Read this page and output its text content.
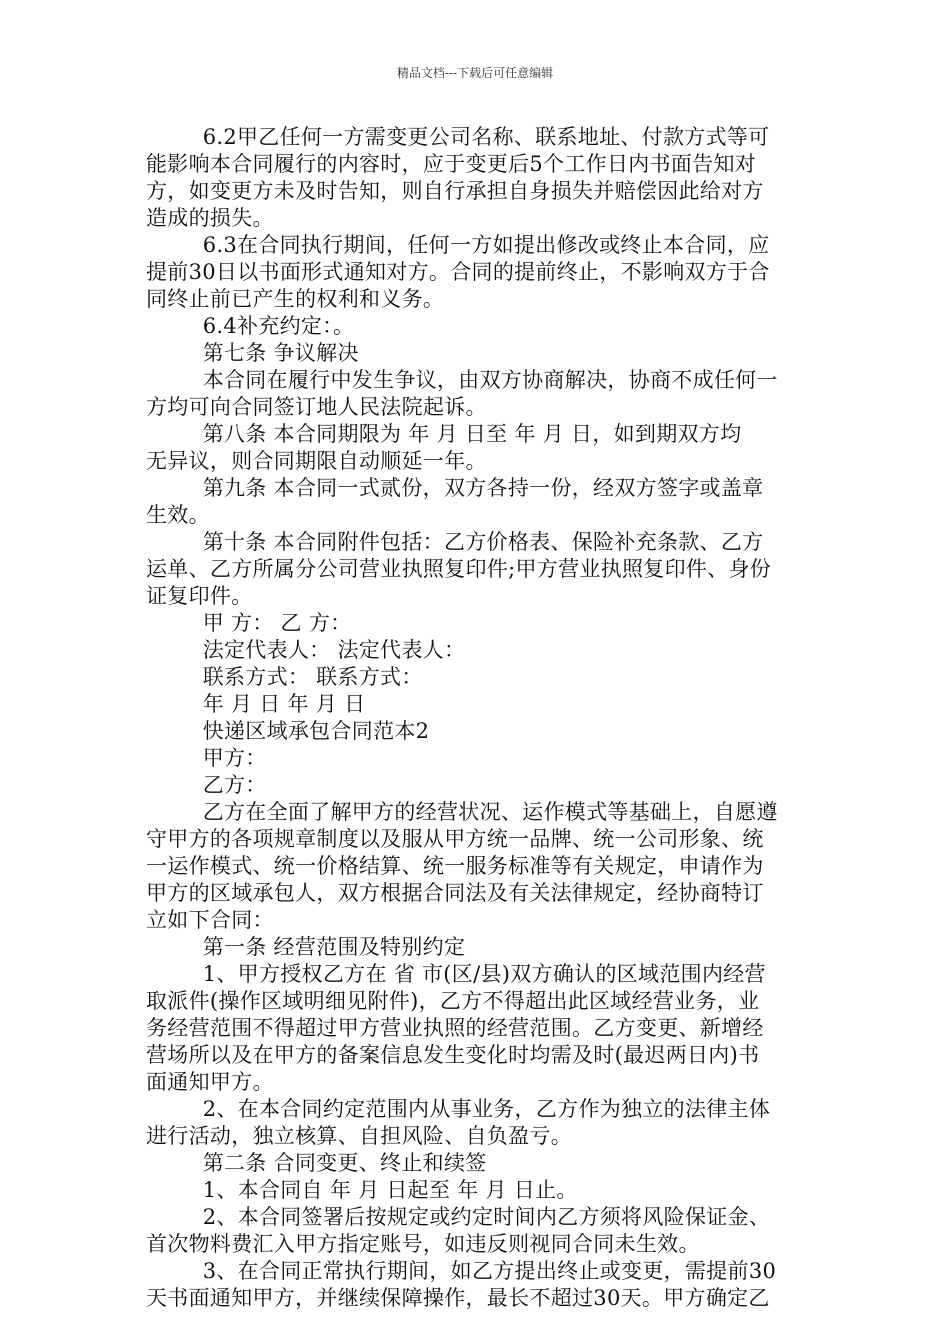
精品文档---下载后可任意编辑
6.2甲乙任何一方需变更公司名称、联系地址、付款方式等可
能影响本合同履行的内容时，应于变更后5个工作日内书面告知对
方，如变更方未及时告知，则自行承担自身损失并赔偿因此给对方
造成的损失。
6.3在合同执行期间，任何一方如提出修改或终止本合同，应
提前30日以书面形式通知对方。合同的提前终止，不影响双方于合
同终止前已产生的权利和义务。
6.4补充约定：。
第七条 争议解决
本合同在履行中发生争议，由双方协商解决，协商不成任何一
方均可向合同签订地人民法院起诉。
第八条 本合同期限为 年 月 日至 年 月 日，如到期双方均
无异议，则合同期限自动顺延一年。
第九条 本合同一式贰份，双方各持一份，经双方签字或盖章
生效。
第十条 本合同附件包括：乙方价格表、保险补充条款、乙方
运单、乙方所属分公司营业执照复印件;甲方营业执照复印件、身份
证复印件。
甲 方： 乙 方：
法定代表人： 法定代表人：
联系方式： 联系方式：
年 月 日 年 月 日
快递区域承包合同范本2
甲方：
乙方：
乙方在全面了解甲方的经营状况、运作模式等基础上，自愿遵
守甲方的各项规章制度以及服从甲方统一品牌、统一公司形象、统
一运作模式、统一价格结算、统一服务标准等有关规定，申请作为
甲方的区域承包人，双方根据合同法及有关法律规定，经协商特订
立如下合同：
第一条 经营范围及特别约定
1、甲方授权乙方在 省 市(区/县)双方确认的区域范围内经营
取派件(操作区域明细见附件)，乙方不得超出此区域经营业务，业
务经营范围不得超过甲方营业执照的经营范围。乙方变更、新增经
营场所以及在甲方的备案信息发生变化时均需及时(最迟两日内)书
面通知甲方。
2、在本合同约定范围内从事业务，乙方作为独立的法律主体
进行活动，独立核算、自担风险、自负盈亏。
第二条 合同变更、终止和续签
1、本合同自 年 月 日起至 年 月 日止。
2、本合同签署后按规定或约定时间内乙方须将风险保证金、
首次物料费汇入甲方指定账号，如违反则视同合同未生效。
3、在合同正常执行期间，如乙方提出终止或变更，需提前30
天书面通知甲方，并继续保障操作，最长不超过30天。甲方确定乙
